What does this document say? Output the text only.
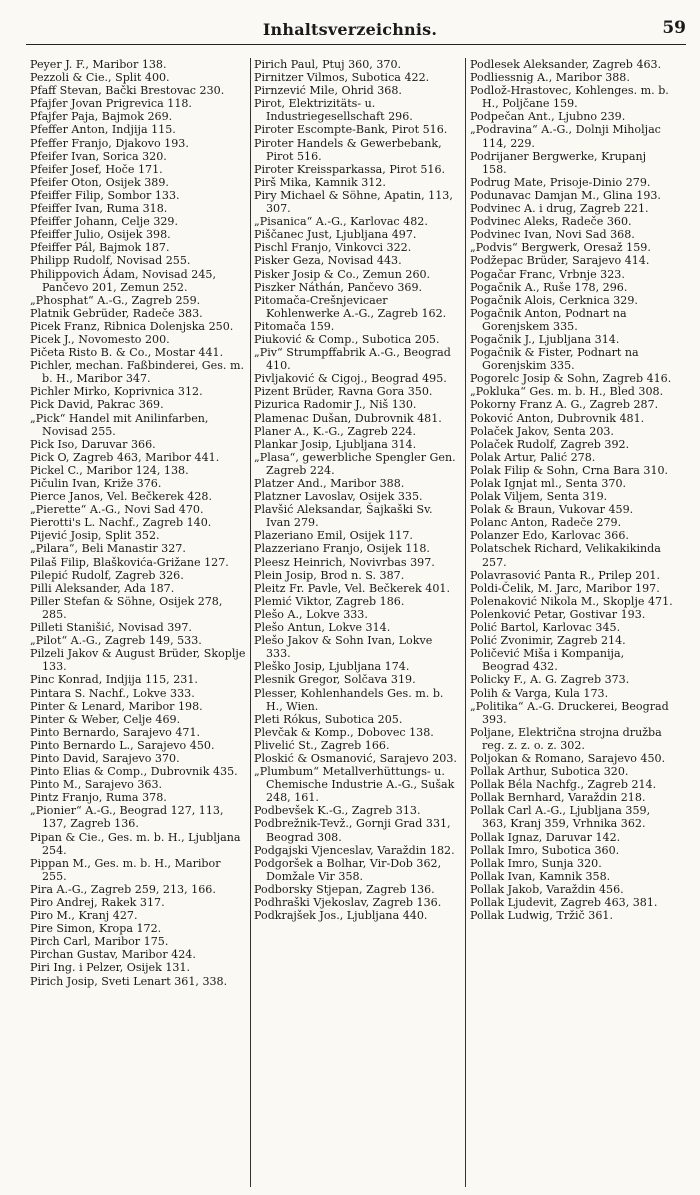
Inhaltsverzeichnis.	59
Peyer J. F., Maribor 138.
Pezzoli & Cie., Split 400.
Pfaff Stevan, Bački Brestovac 230.
Pfajfer Jovan Prigrevica 118.
Pfajfer Paja, Bajmok 269.
Pfeffer Anton, Indjija 115.
Pfeffer Franjo, Djakovo 193.
Pfeifer Ivan, Sorica 320.
Pfeifer Josef, Hoče 171.
Pfeifer Oton, Osijek 389.
Pfeiffer Filip, Sombor 133.
Pfeiffer Ivan, Ruma 318.
Pfeiffer Johann, Celje 329.
Pfeiffer Julio, Osijek 398.
Pfeiffer Pál, Bajmok 187.
Philipp Rudolf, Novisad 255.
Philippovich Ádam, Novisad 245, Pančevo 201, Zemun 252.
„Phosphat“ A.-G., Zagreb 259.
Platnik Gebrüder, Radeče 383.
Picek Franz, Ribnica Dolenjska 250.
Picek J., Novomesto 200.
Pičeta Risto B. & Co., Mostar 441.
Pichler, mechan. Faßbinderei, Ges. m. b. H., Maribor 347.
Pichler Mirko, Koprivnica 312.
Pick David, Pakrac 369.
„Pick“ Handel mit Anilinfarben, Novisad 255.
Pick Iso, Daruvar 366.
Pick O, Zagreb 463, Maribor 441.
Pickel C., Maribor 124, 138.
Pičulin Ivan, Križe 376.
Pierce Janos, Vel. Bečkerek 428.
„Pierette“ A.-G., Novi Sad 470.
Pierotti's L. Nachf., Zagreb 140.
Pijević Josip, Split 352.
„Pilara“, Beli Manastir 327.
Pilaš Filip, Blaškovića-Grižane 127.
Pilepić Rudolf, Zagreb 326.
Pilli Aleksander, Ada 187.
Piller Stefan & Söhne, Osijek 278, 285.
Pilleti Stanišić, Novisad 397.
„Pilot“ A.-G., Zagreb 149, 533.
Pilzeli Jakov & August Brüder, Skoplje 133.
Pinc Konrad, Indjija 115, 231.
Pintara S. Nachf., Lokve 333.
Pinter & Lenard, Maribor 198.
Pinter & Weber, Celje 469.
Pinto Bernardo, Sarajevo 471.
Pinto Bernardo L., Sarajevo 450.
Pinto David, Sarajevo 370.
Pinto Elias & Comp., Dubrovnik 435.
Pinto M., Sarajevo 363.
Pintz Franjo, Ruma 378.
„Pionier“ A.-G., Beograd 127, 113, 137, Zagreb 136.
Pipan & Cie., Ges. m. b. H., Ljubljana 254.
Pippan M., Ges. m. b. H., Maribor 255.
Pira A.-G., Zagreb 259, 213, 166.
Piro Andrej, Rakek 317.
Piro M., Kranj 427.
Pire Simon, Kropa 172.
Pirch Carl, Maribor 175.
Pirchan Gustav, Maribor 424.
Piri Ing. i Pelzer, Osijek 131.
Pirich Josip, Sveti Lenart 361, 338.
Pirich Paul, Ptuj 360, 370.
Pirnitzer Vilmos, Subotica 422.
Pirnzević Mile, Ohrid 368.
Pirot, Elektrizitäts- u. Industriegesellschaft 296.
Piroter Escompte-Bank, Pirot 516.
Piroter Handels & Gewerbebank, Pirot 516.
Piroter Kreissparkassa, Pirot 516.
Pirš Mika, Kamnik 312.
Piry Michael & Söhne, Apatin, 113, 307.
„Pisanica“ A.-G., Karlovac 482.
Piščanec Just, Ljubljana 497.
Pischl Franjo, Vinkovci 322.
Pisker Geza, Novisad 443.
Pisker Josip & Co., Zemun 260.
Piszker Náthán, Pančevo 369.
Pitomača-Crešnjevicaer Kohlenwerke A.-G., Zagreb 162.
Pitomača 159.
Piuković & Comp., Subotica 205.
„Piv“ Strumpffabrik A.-G., Beograd 410.
Pivljaković & Cigoj., Beograd 495.
Pizent Brüder, Ravna Gora 350.
Pizurica Radomir J., Niš 130.
Plamenac Dušan, Dubrovnik 481.
Planer A., K.-G., Zagreb 224.
Plankar Josip, Ljubljana 314.
„Plasa“, gewerbliche Spengler Gen. Zagreb 224.
Platzer And., Maribor 388.
Platzner Lavoslav, Osijek 335.
Plavšić Aleksandar, Šajkaški Sv. Ivan 279.
Plazeriano Emil, Osijek 117.
Plazzeriano Franjo, Osijek 118.
Pleesz Heinrich, Novivrbas 397.
Plein Josip, Brod n. S. 387.
Pleitz Fr. Pavle, Vel. Bečkerek 401.
Plemić Viktor, Zagreb 186.
Plešo A., Lokve 333.
Plešo Antun, Lokve 314.
Plešo Jakov & Sohn Ivan, Lokve 333.
Pleško Josip, Ljubljana 174.
Plesnik Gregor, Solčava 319.
Plesser, Kohlenhandels Ges. m. b. H., Wien.
Pleti Rókus, Subotica 205.
Plevčak & Komp., Dobovec 138.
Plivelić St., Zagreb 166.
Ploskić & Osmanović, Sarajevo 203.
„Plumbum“ Metallverhüttungs- u. Chemische Industrie A.-G., Sušak 248, 161.
Podbevšek K.-G., Zagreb 313.
Podbrežnik-Tevž., Gornji Grad 331, Beograd 308.
Podgajski Vjenceslav, Varaždin 182.
Podgoršek a Bolhar, Vir-Dob 362, Domžale Vir 358.
Podborsky Stjepan, Zagreb 136.
Podhraški Vjekoslav, Zagreb 136.
Podkrajšek Jos., Ljubljana 440.
Podlesek Aleksander, Zagreb 463.
Podliessnig A., Maribor 388.
Podlož-Hrastovec, Kohlenges. m. b. H., Poljčane 159.
Podpečan Ant., Ljubno 239.
„Podravina“ A.-G., Dolnji Miholjac 114, 229.
Podrijaner Bergwerke, Krupanj 158.
Podrug Mate, Prisoje-Dinio 279.
Podunavac Damjan M., Glina 193.
Podvinec A. i drug, Zagreb 221.
Podvinec Aleks, Radeče 360.
Podvinec Ivan, Novi Sad 368.
„Podvis“ Bergwerk, Oresaž 159.
Podžepac Brüder, Sarajevo 414.
Pogačar Franc, Vrbnje 323.
Pogačnik A., Ruše 178, 296.
Pogačnik Alois, Cerknica 329.
Pogačnik Anton, Podnart na Gorenjskem 335.
Pogačnik J., Ljubljana 314.
Pogačnik & Fister, Podnart na Gorenjskim 335.
Pogorelc Josip & Sohn, Zagreb 416.
„Pokluka“ Ges. m. b. H., Bled 308.
Pokorny Franz A. G., Zagreb 287.
Poković Anton, Dubrovnik 481.
Polaček Jakov, Senta 203.
Polaček Rudolf, Zagreb 392.
Polak Artur, Palić 278.
Polak Filip & Sohn, Crna Bara 310.
Polak Ignjat ml., Senta 370.
Polak Viljem, Senta 319.
Polak & Braun, Vukovar 459.
Polanc Anton, Radeče 279.
Polanzer Edo, Karlovac 366.
Polatschek Richard, Velikakikinda 257.
Polavrasović Panta R., Prilep 201.
Poldi-Čelik, M. Jarc, Maribor 197.
Polenaković Nikola M., Skoplje 471.
Polenković Petar, Gostivar 193.
Polić Bartol, Karlovac 345.
Polić Zvonimir, Zagreb 214.
Poličević Miša i Kompanija, Beograd 432.
Policky F., A. G. Zagreb 373.
Polih & Varga, Kula 173.
„Politika“ A.-G. Druckerei, Beograd 393.
Poljane, Električna strojna družba reg. z. z. o. z. 302.
Poljokan & Romano, Sarajevo 450.
Pollak Arthur, Subotica 320.
Pollak Béla Nachfg., Zagreb 214.
Pollak Bernhard, Varaždin 218.
Pollak Carl A.-G., Ljubljana 359, 363, Kranj 359, Vrhnika 362.
Pollak Ignaz, Daruvar 142.
Pollak Imro, Subotica 360.
Pollak Imro, Sunja 320.
Pollak Ivan, Kamnik 358.
Pollak Jakob, Varaždin 456.
Pollak Ljudevit, Zagreb 463, 381.
Pollak Ludwig, Tržič 361.
